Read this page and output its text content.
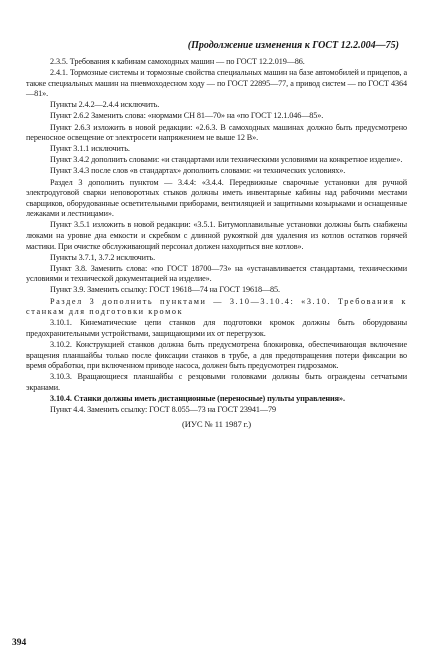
(Продолжение изменения к ГОСТ 12.2.004—75)

2.3.5. Требования к кабинам самоходных машин — по ГОСТ 12.2.019—86.

2.4.1. Тормозные системы и тормозные свойства специальных машин на базе автомобилей и прицепов, а также специальных машин на пневмоходесном ходу — по ГОСТ 22895—77, а привод систем — по ГОСТ 4364—81».

Пункты 2.4.2—2.4.4 исключить.

Пункт 2.6.2 Заменить слова: «нормами СН 81—70» на «по ГОСТ 12.1.046—85».

Пункт 2.6.3 изложить в новой редакции: «2.6.3. В самоходных машинах должно быть предусмотрено переносное освещение от электросети напряжением не выше 12 В».

Пункт 3.1.1 исключить.

Пункт 3.4.2 дополнить словами: «и стандартами или техническими условиями на конкретное изделие».

Пункт 3.4.3 после слов «в стандартах» дополнить словами: «и технических условиях».

Раздел 3 дополнить пунктом — 3.4.4: «3.4.4. Передвижные сварочные установки для ручной электродуговой сварки неповоротных стыков должны иметь инвентарные кабины над рабочими местами сварщиков, оборудованные осветительными приборами, вентиляцией и защитными козырьками и оснащенные лежаками и лестницами».

Пункт 3.5.1 изложить в новой редакции: «3.5.1. Битумоплавильные установки должны быть снабжены люками на уровне дна емкости и скребком с длинной рукояткой для удаления из котлов остатков горячей мастики. При очистке обслуживающий персонал должен находиться вне котлов».

Пункты 3.7.1, 3.7.2 исключить.

Пункт 3.8. Заменить слова: «по ГОСТ 18700—73» на «устанавливается стандартами, техническими условиями и технической документацией на изделие».

Пункт 3.9. Заменить ссылку: ГОСТ 19618—74 на ГОСТ 19618—85.

Раздел 3 дополнить пунктами — 3.10—3.10.4: «3.10. Требования к станкам для подготовки кромок

3.10.1. Кинематические цепи станков для подготовки кромок должны быть оборудованы предохранительными устройствами, защищающими их от перегрузок.

3.10.2. Конструкцией станков должна быть предусмотрена блокировка, обеспечивающая включение вращения планшайбы только после фиксации станков в трубе, а для предотвращения потери фиксации во время обработки, при включенном приводе насоса, должен быть предусмотрен гидрозамок.

3.10.3. Вращающиеся планшайбы с резцовыми головками должны быть ограждены сетчатыми экранами.

3.10.4. Станки должны иметь дистанционные (переносные) пульты управления».

Пункт 4.4. Заменить ссылку: ГОСТ 8.055—73 на ГОСТ 23941—79

(ИУС № 11 1987 г.)

394
